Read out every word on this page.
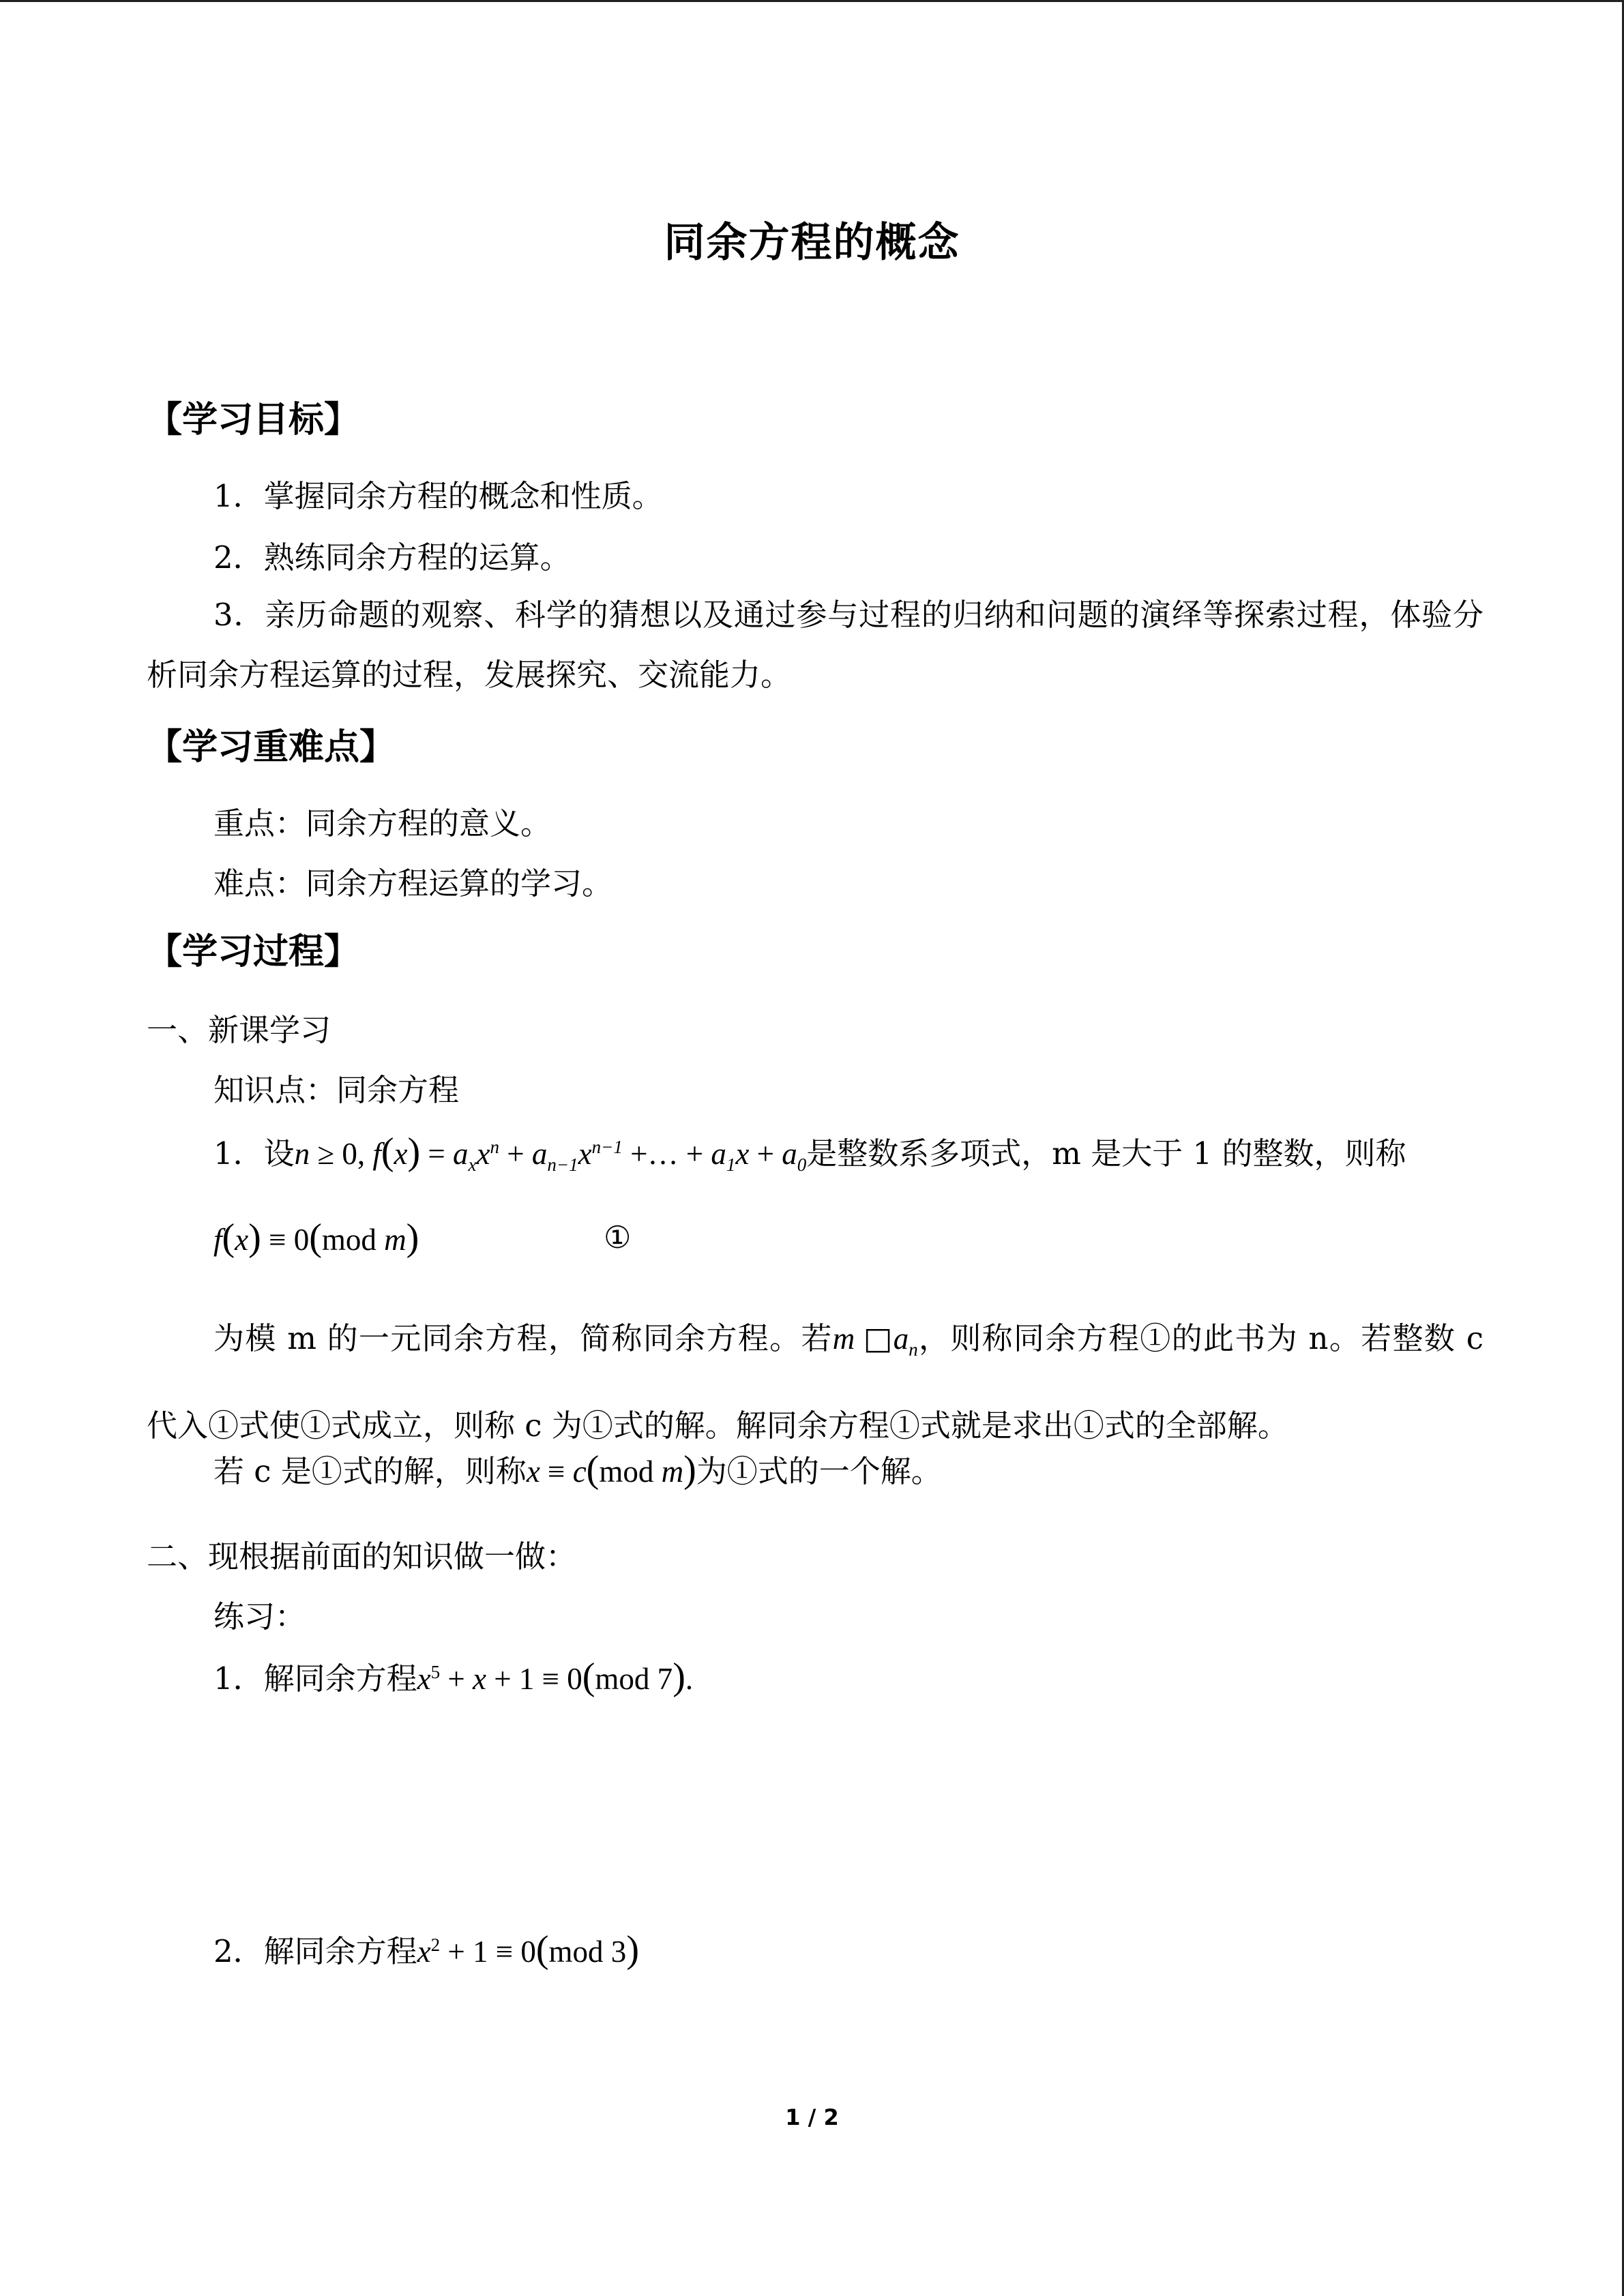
同余方程的概念
【学习目标】
1．掌握同余方程的概念和性质。
2．熟练同余方程的运算。
3．亲历命题的观察、科学的猜想以及通过参与过程的归纳和问题的演绎等探索过程，体验分析同余方程运算的过程，发展探究、交流能力。
【学习重难点】
重点：同余方程的意义。
难点：同余方程运算的学习。
【学习过程】
一、新课学习
知识点：同余方程
1．设n ≥ 0, $f(x) = a_xx^n + a_{n-1}x^{n-1}$ +… + $a_1x + a_0$是整数系多项式，m 是大于 1 的整数，则称
f(x) ≡ 0(mod m)	①
为模 m 的一元同余方程，简称同余方程。若m $□a_n$，则称同余方程①的此书为 n。若整数 c 代入①式使①式成立，则称 c 为①式的解。解同余方程①式就是求出①式的全部解。
若 c 是①式的解，则称x ≡ c(mod m)为①式的一个解。
二、现根据前面的知识做一做：
练习：
1．解同余方程$x^5 + x + 1 \equiv 0(mod$ 7).
2．解同余方程$x^2 + 1 \equiv 0(mod$ 3)
1 / 2
